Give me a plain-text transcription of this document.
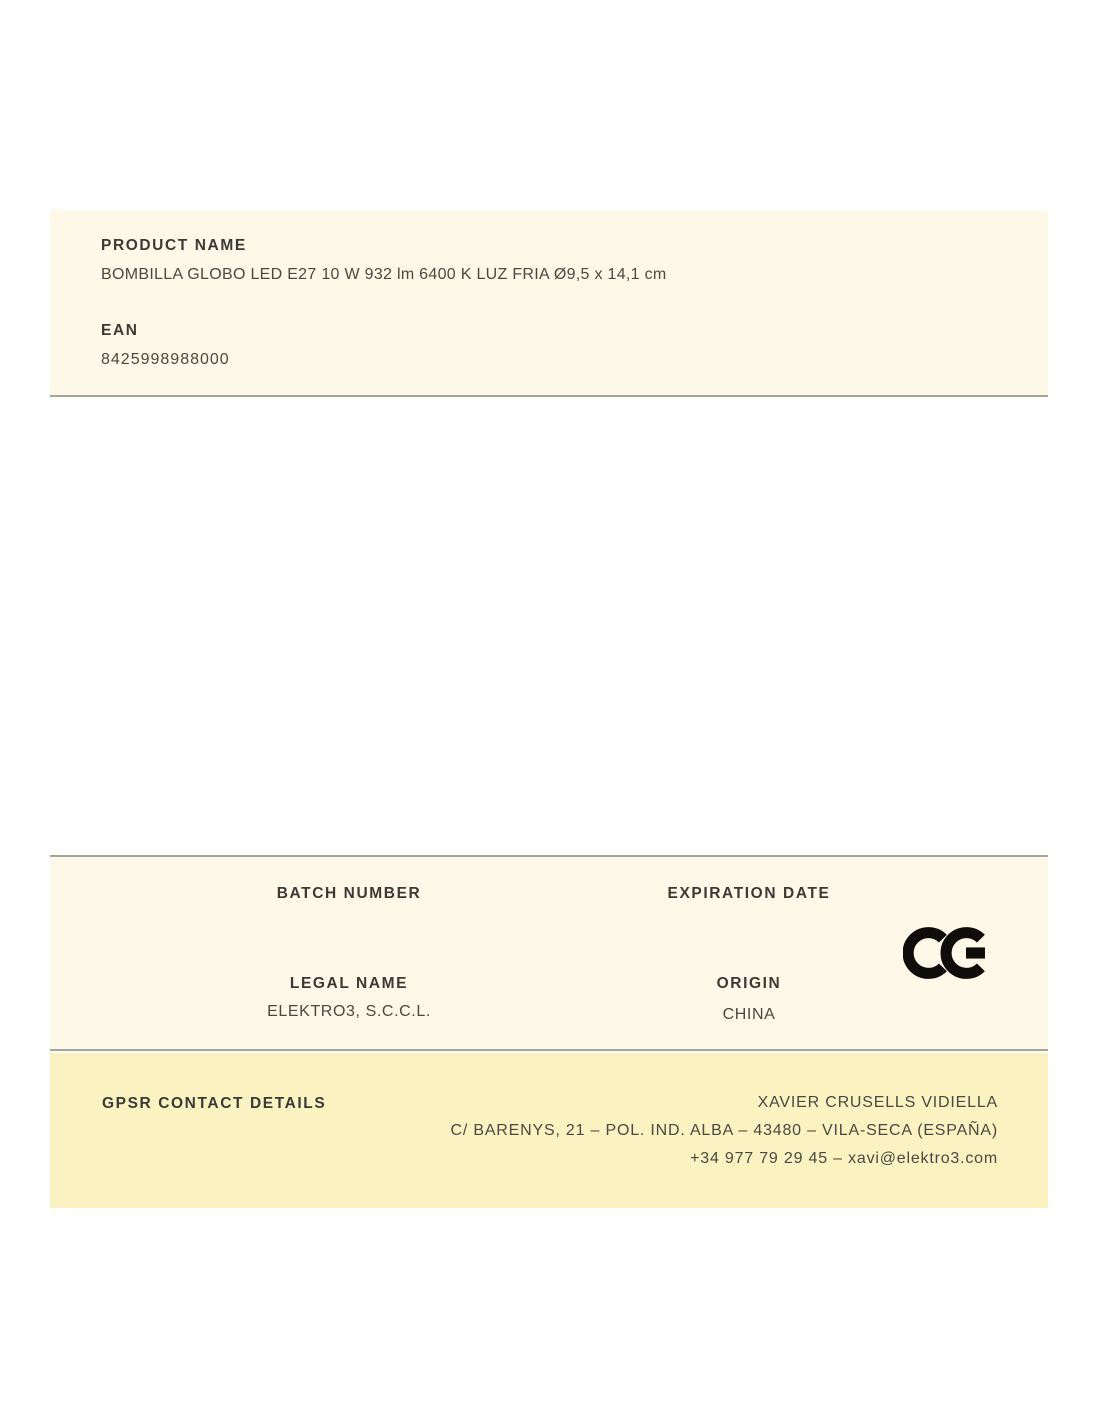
PRODUCT NAME
BOMBILLA GLOBO LED E27 10 W 932 lm 6400 K LUZ FRIA Ø9,5 x 14,1 cm
EAN
8425998988000
BATCH NUMBER	EXPIRATION DATE
LEGAL NAME
ELEKTRO3, S.C.C.L.
ORIGIN
CHINA
GPSR CONTACT DETAILS	XAVIER CRUSELLS VIDIELLA
C/ BARENYS, 21 – POL. IND. ALBA – 43480 – VILA-SECA (ESPAÑA)
+34 977 79 29 45 – xavi@elektro3.com
